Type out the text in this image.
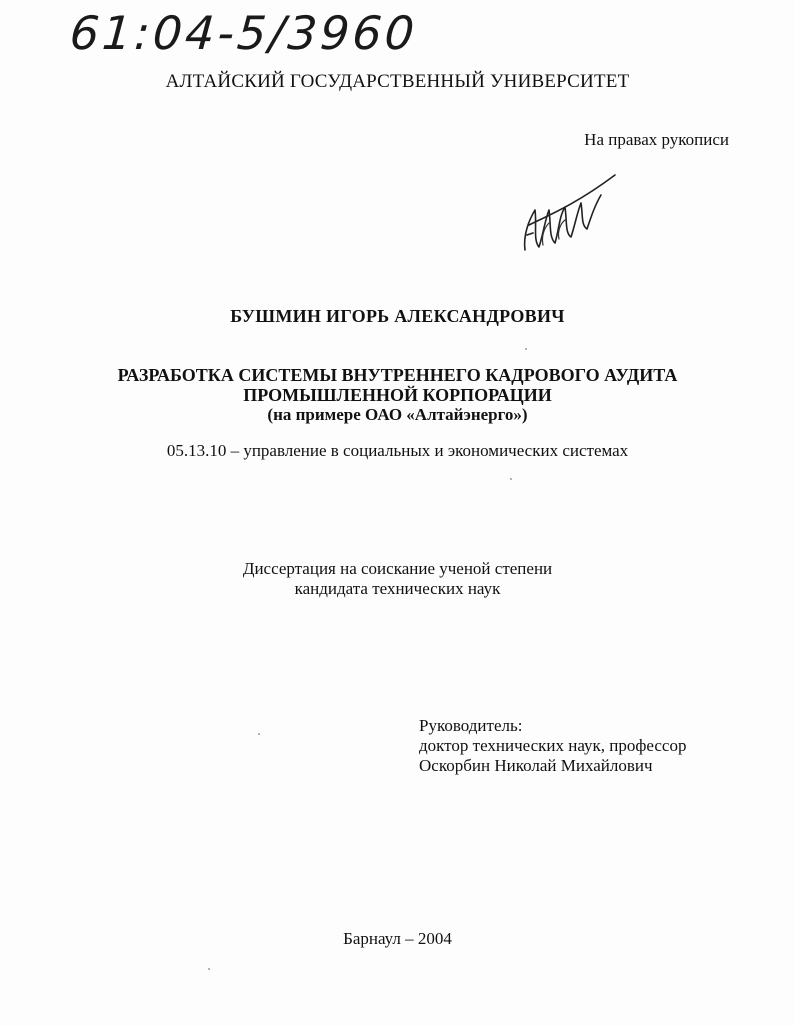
61:04-5/3960
АЛТАЙСКИЙ ГОСУДАРСТВЕННЫЙ УНИВЕРСИТЕТ
На правах рукописи
БУШМИН ИГОРЬ АЛЕКСАНДРОВИЧ
РАЗРАБОТКА СИСТЕМЫ ВНУТРЕННЕГО КАДРОВОГО АУДИТА
ПРОМЫШЛЕННОЙ КОРПОРАЦИИ
(на примере ОАО «Алтайэнерго»)
05.13.10 – управление в социальных и экономических системах
Диссертация на соискание ученой степени
кандидата технических наук
Руководитель:
доктор технических наук, профессор
Оскорбин Николай Михайлович
Барнаул – 2004
